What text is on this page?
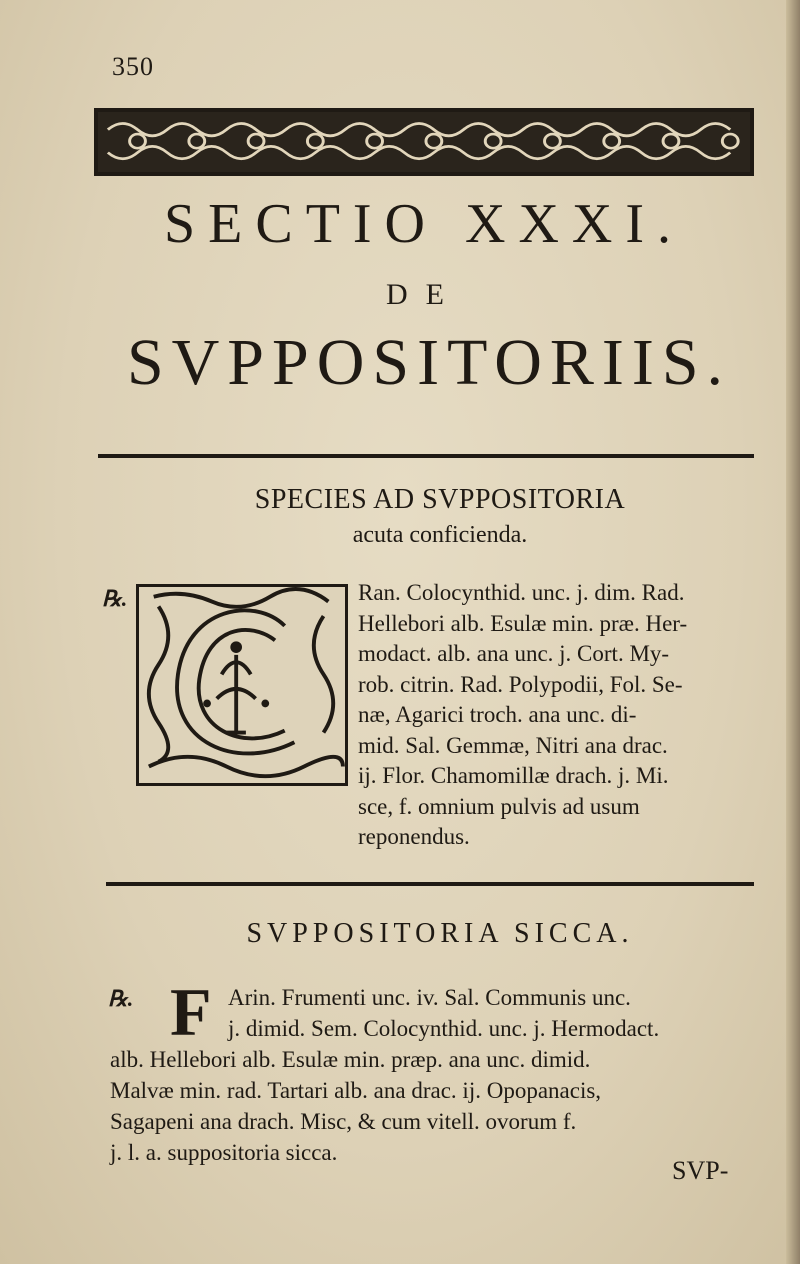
350
SECTIO XXXI.
DE
SVPPOSITORIIS.
SPECIES AD SVPPOSITORIA
acuta conficienda.
℞.	Ran. Colocynthid. unc. j. dim. Rad.
Hellebori alb. Esulæ min. præ. Her-
modact. alb. ana unc. j. Cort. My-
rob. citrin. Rad. Polypodii, Fol. Se-
næ, Agarici troch. ana unc. di-
mid. Sal. Gemmæ, Nitri ana drac.
ij. Flor. Chamomillæ drach. j. Mi.
sce, f. omnium pulvis ad usum
reponendus.
SVPPOSITORIA SICCA.
℞. F Arin. Frumenti unc. iv. Sal. Communis unc.
j. dimid. Sem. Colocynthid. unc. j. Hermodact.
alb. Hellebori alb. Esulæ min. præp. ana unc. dimid.
Malvæ min. rad. Tartari alb. ana drac. ij. Opopanacis,
Sagapeni ana drach. Misc, & cum vitell. ovorum f.
j. l. a. suppositoria sicca.
SVP-
